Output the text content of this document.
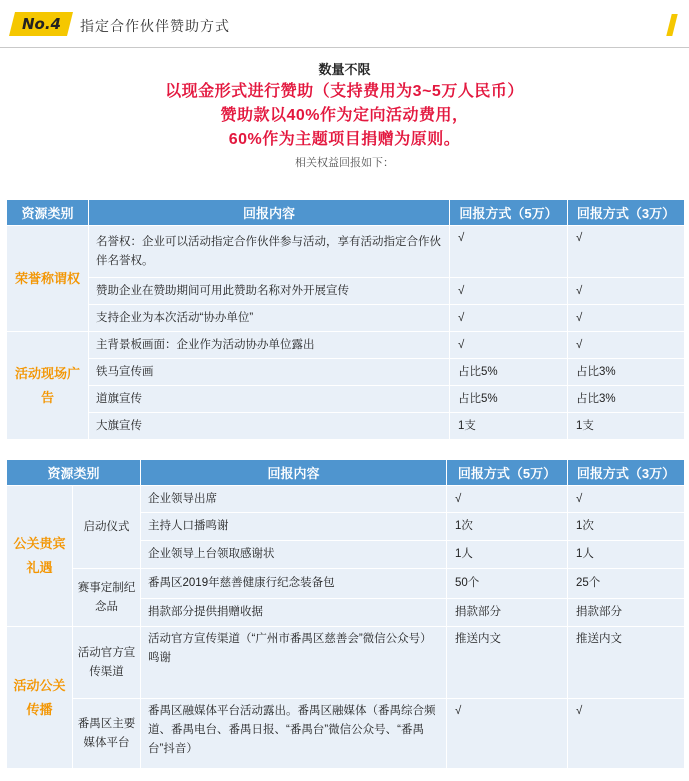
No.4 指定合作伙伴赞助方式
数量不限
以现金形式进行赞助（支持费用为3~5万人民币）
赞助款以40%作为定向活动费用，
60%作为主题项目捐赠为原则。
相关权益回报如下：
资源类别	回报内容	回报方式（5万）	回报方式（3万）
荣誉称谓权	名誉权：企业可以活动指定合作伙伴参与活动，享有活动指定合作伙伴名誉权。	√	√
	赞助企业在赞助期间可用此赞助名称对外开展宣传	√	√
	支持企业为本次活动“协办单位”	√	√
活动现场广告	主背景板画面：企业作为活动协办单位露出	√	√
	铁马宣传画	占比5%	占比3%
	道旗宣传	占比5%	占比3%
	大旗宣传	1支	1支
资源类别		回报内容	回报方式（5万）	回报方式（3万）
公关贵宾礼遇	启动仪式	企业领导出席	√	√
		主持人口播鸣谢	1次	1次
		企业领导上台领取感谢状	1人	1人
	赛事定制纪念品	番禺区2019年慈善健康行纪念装备包	50个	25个
		捐款部分提供捐赠收据	捐款部分	捐款部分
活动公关传播	活动官方宣传渠道	活动官方宣传渠道（“广州市番禺区慈善会”微信公众号）鸣谢	推送内文	推送内文
	番禺区主要媒体平台	番禺区融媒体平台活动露出。番禺区融媒体（番禺综合频道、番禺电台、番禺日报、“番禺台”微信公众号、“番禺台”抖音）	√	√
